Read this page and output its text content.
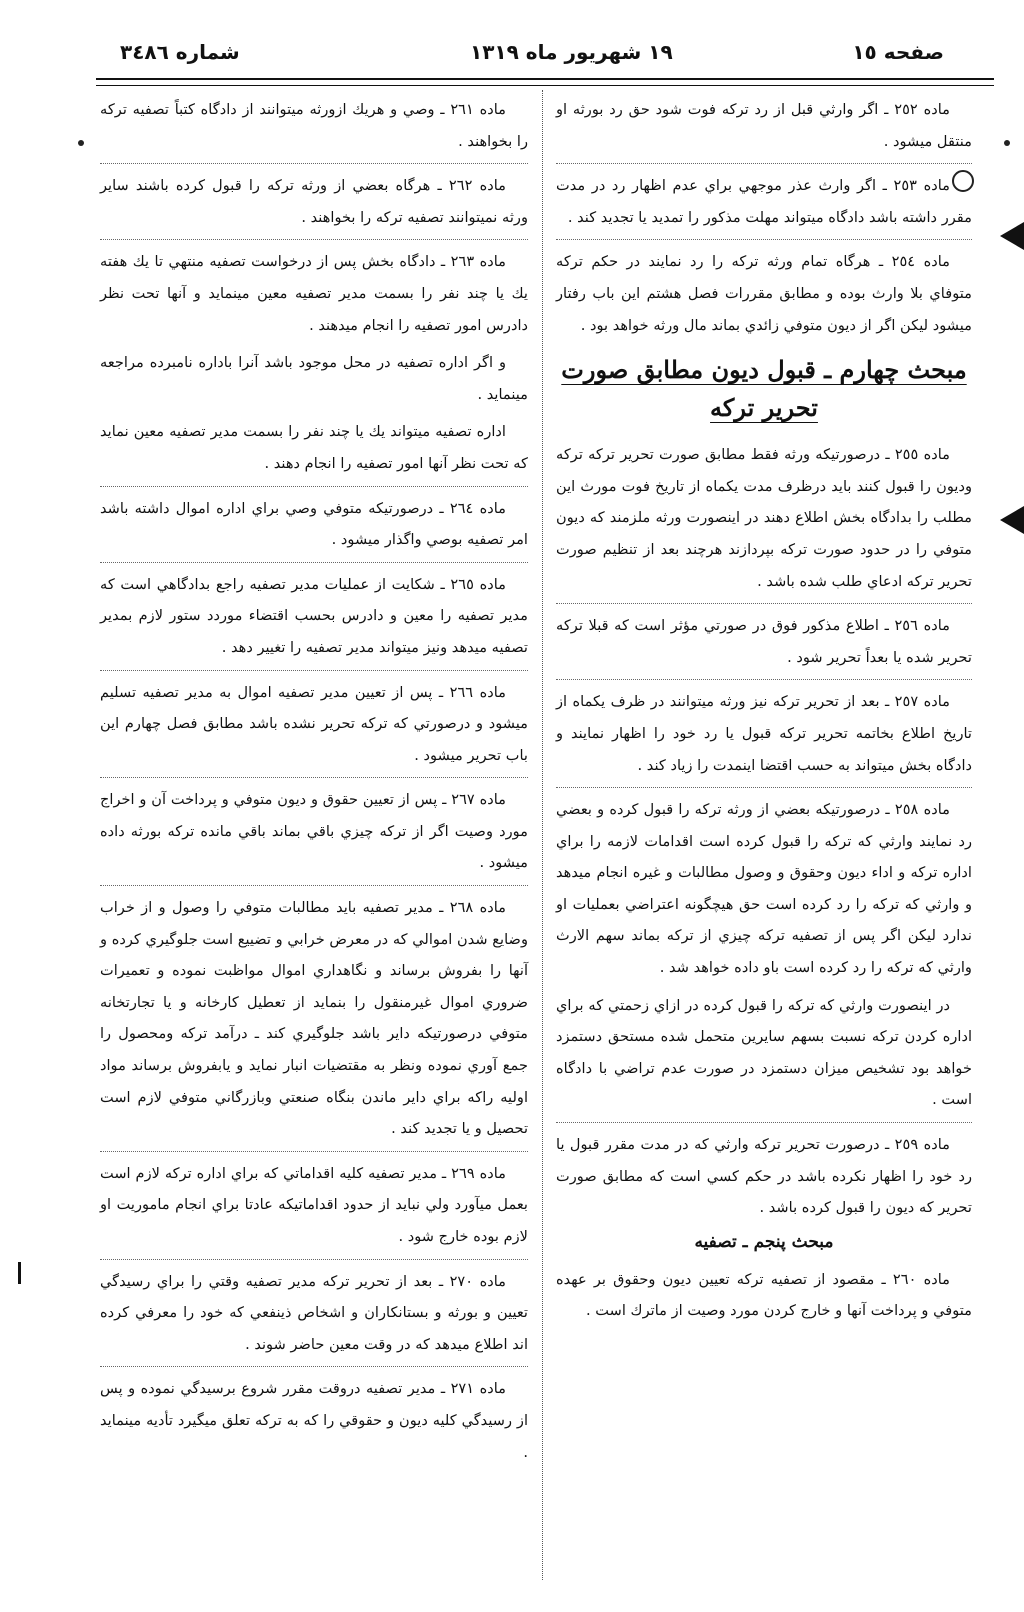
صفحه ١٥
١٩ شهريور ماه ١٣١٩
شماره ٣٤٨٦

ماده ٢٥٢ ـ اگر وارثي قبل از رد تركه فوت شود حق رد بورثه او منتقل ميشود .

ماده ٢٥٣ ـ اگر وارث عذر موجهي براي عدم اظهار رد در مدت مقرر داشته باشد دادگاه ميتواند مهلت مذكور را تمديد يا تجديد كند .

ماده ٢٥٤ ـ هرگاه تمام ورثه تركه را رد نمايند در حكم تركه متوفاي بلا وارث بوده و مطابق مقررات فصل هشتم اين باب رفتار ميشود ليكن اگر از ديون متوفي زائدي بماند مال ورثه خواهد بود .

مبحث چهارم ـ قبول ديون مطابق صورت تحرير تركه

ماده ٢٥٥ ـ درصورتيكه ورثه فقط مطابق صورت تحرير تركه تركه وديون را قبول كنند بايد درظرف مدت يكماه از تاريخ فوت مورث اين مطلب را بدادگاه بخش اطلاع دهند در اينصورت ورثه ملزمند كه ديون متوفي را در حدود صورت تركه بپردازند هرچند بعد از تنظيم صورت تحرير تركه ادعاي طلب شده باشد .

ماده ٢٥٦ ـ اطلاع مذكور فوق در صورتي مؤثر است كه قبلا تركه تحرير شده يا بعداً تحرير شود .

ماده ٢٥٧ ـ بعد از تحرير تركه نيز ورثه ميتوانند در ظرف يكماه از تاريخ اطلاع بخاتمه تحرير تركه قبول يا رد خود را اظهار نمايند و دادگاه بخش ميتواند به حسب اقتضا اينمدت را زياد كند .

ماده ٢٥٨ ـ درصورتيكه بعضي از ورثه تركه را قبول كرده و بعضي رد نمايند وارثي كه تركه را قبول كرده است اقدامات لازمه را براي اداره تركه و اداء ديون وحقوق و وصول مطالبات و غيره انجام ميدهد و وارثي كه تركه را رد كرده است حق هيچگونه اعتراضي بعمليات او ندارد ليكن اگر پس از تصفيه تركه چيزي از تركه بماند سهم الارث وارثي كه تركه را رد كرده است باو داده خواهد شد .

در اينصورت وارثي كه تركه را قبول كرده در ازاي زحمتي كه براي اداره كردن تركه نسبت بسهم سايرين متحمل شده مستحق دستمزد خواهد بود تشخيص ميزان دستمزد در صورت عدم تراضي با دادگاه است .

ماده ٢٥٩ ـ درصورت تحرير تركه وارثي كه در مدت مقرر قبول يا رد خود را اظهار نكرده باشد در حكم كسي است كه مطابق صورت تحرير كه ديون را قبول كرده باشد .

مبحث پنجم ـ تصفيه

ماده ٢٦٠ ـ مقصود از تصفيه تركه تعيين ديون وحقوق بر عهده متوفي و پرداخت آنها و خارج كردن مورد وصيت از ماترك است .

ماده ٢٦١ ـ وصي و هريك ازورثه ميتوانند از دادگاه كتباً تصفيه تركه را بخواهند .

ماده ٢٦٢ ـ هرگاه بعضي از ورثه تركه را قبول كرده باشند ساير ورثه نميتوانند تصفيه تركه را بخواهند .

ماده ٢٦٣ ـ دادگاه بخش پس از درخواست تصفيه منتهي تا يك هفته يك يا چند نفر را بسمت مدير تصفيه معين مينمايد و آنها تحت نظر دادرس امور تصفيه را انجام ميدهند .

و اگر اداره تصفيه در محل موجود باشد آنرا باداره نامبرده مراجعه مينمايد .

اداره تصفيه ميتواند يك يا چند نفر را بسمت مدير تصفيه معين نمايد كه تحت نظر آنها امور تصفيه را انجام دهند .

ماده ٢٦٤ ـ درصورتيكه متوفي وصي براي اداره اموال داشته باشد امر تصفيه بوصي واگذار ميشود .

ماده ٢٦٥ ـ شكايت از عمليات مدير تصفيه راجع بدادگاهي است كه مدير تصفيه را معين و دادرس بحسب اقتضاء موردد ستور لازم بمدير تصفيه ميدهد ونيز ميتواند مدير تصفيه را تغيير دهد .

ماده ٢٦٦ ـ پس از تعيين مدير تصفيه اموال به مدير تصفيه تسليم ميشود و درصورتي كه تركه تحرير نشده باشد مطابق فصل چهارم اين باب تحرير ميشود .

ماده ٢٦٧ ـ پس از تعيين حقوق و ديون متوفي و پرداخت آن و اخراج مورد وصيت اگر از تركه چيزي باقي بماند باقي مانده تركه بورثه داده ميشود .

ماده ٢٦٨ ـ مدير تصفيه بايد مطالبات متوفي را وصول و از خراب وضايع شدن اموالي كه در معرض خرابي و تضييع است جلوگيري كرده و آنها را بفروش برساند و نگاهداري اموال مواظبت نموده و تعميرات ضروري اموال غيرمنقول را بنمايد از تعطيل كارخانه و يا تجارتخانه متوفي درصورتيكه داير باشد جلوگيري كند ـ درآمد تركه ومحصول را جمع آوري نموده ونظر به مقتضيات انبار نمايد و يابفروش برساند مواد اوليه راكه براي داير ماندن بنگاه صنعتي وبازرگاني متوفي لازم است تحصيل و يا تجديد كند .

ماده ٢٦٩ ـ مدير تصفيه كليه اقداماتي كه براي اداره تركه لازم است بعمل ميآورد ولي نبايد از حدود اقداماتيكه عادتا براي انجام ماموريت او لازم بوده خارج شود .

ماده ٢٧٠ ـ بعد از تحرير تركه مدير تصفيه وقتي را براي رسيدگي تعيين و بورثه و بستانكاران و اشخاص ذينفعي كه خود را معرفي كرده اند اطلاع ميدهد كه در وقت معين حاضر شوند .

ماده ٢٧١ ـ مدير تصفيه دروقت مقرر شروع برسيدگي نموده و پس از رسيدگي كليه ديون و حقوقي را كه به تركه تعلق ميگيرد تأديه مينمايد .
